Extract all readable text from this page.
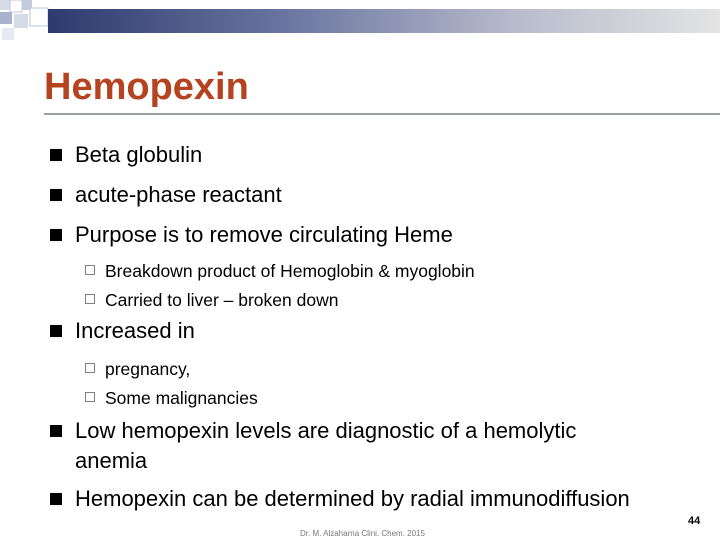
Hemopexin
Beta globulin
acute-phase reactant
Purpose is to remove circulating Heme
Breakdown product of Hemoglobin & myoglobin
Carried to liver – broken down
Increased in
pregnancy,
Some malignancies
Low hemopexin levels are diagnostic of a hemolytic anemia
Hemopexin can be determined by radial immunodiffusion
44
Dr. M. Alzaharna Clini. Chem. 2015
